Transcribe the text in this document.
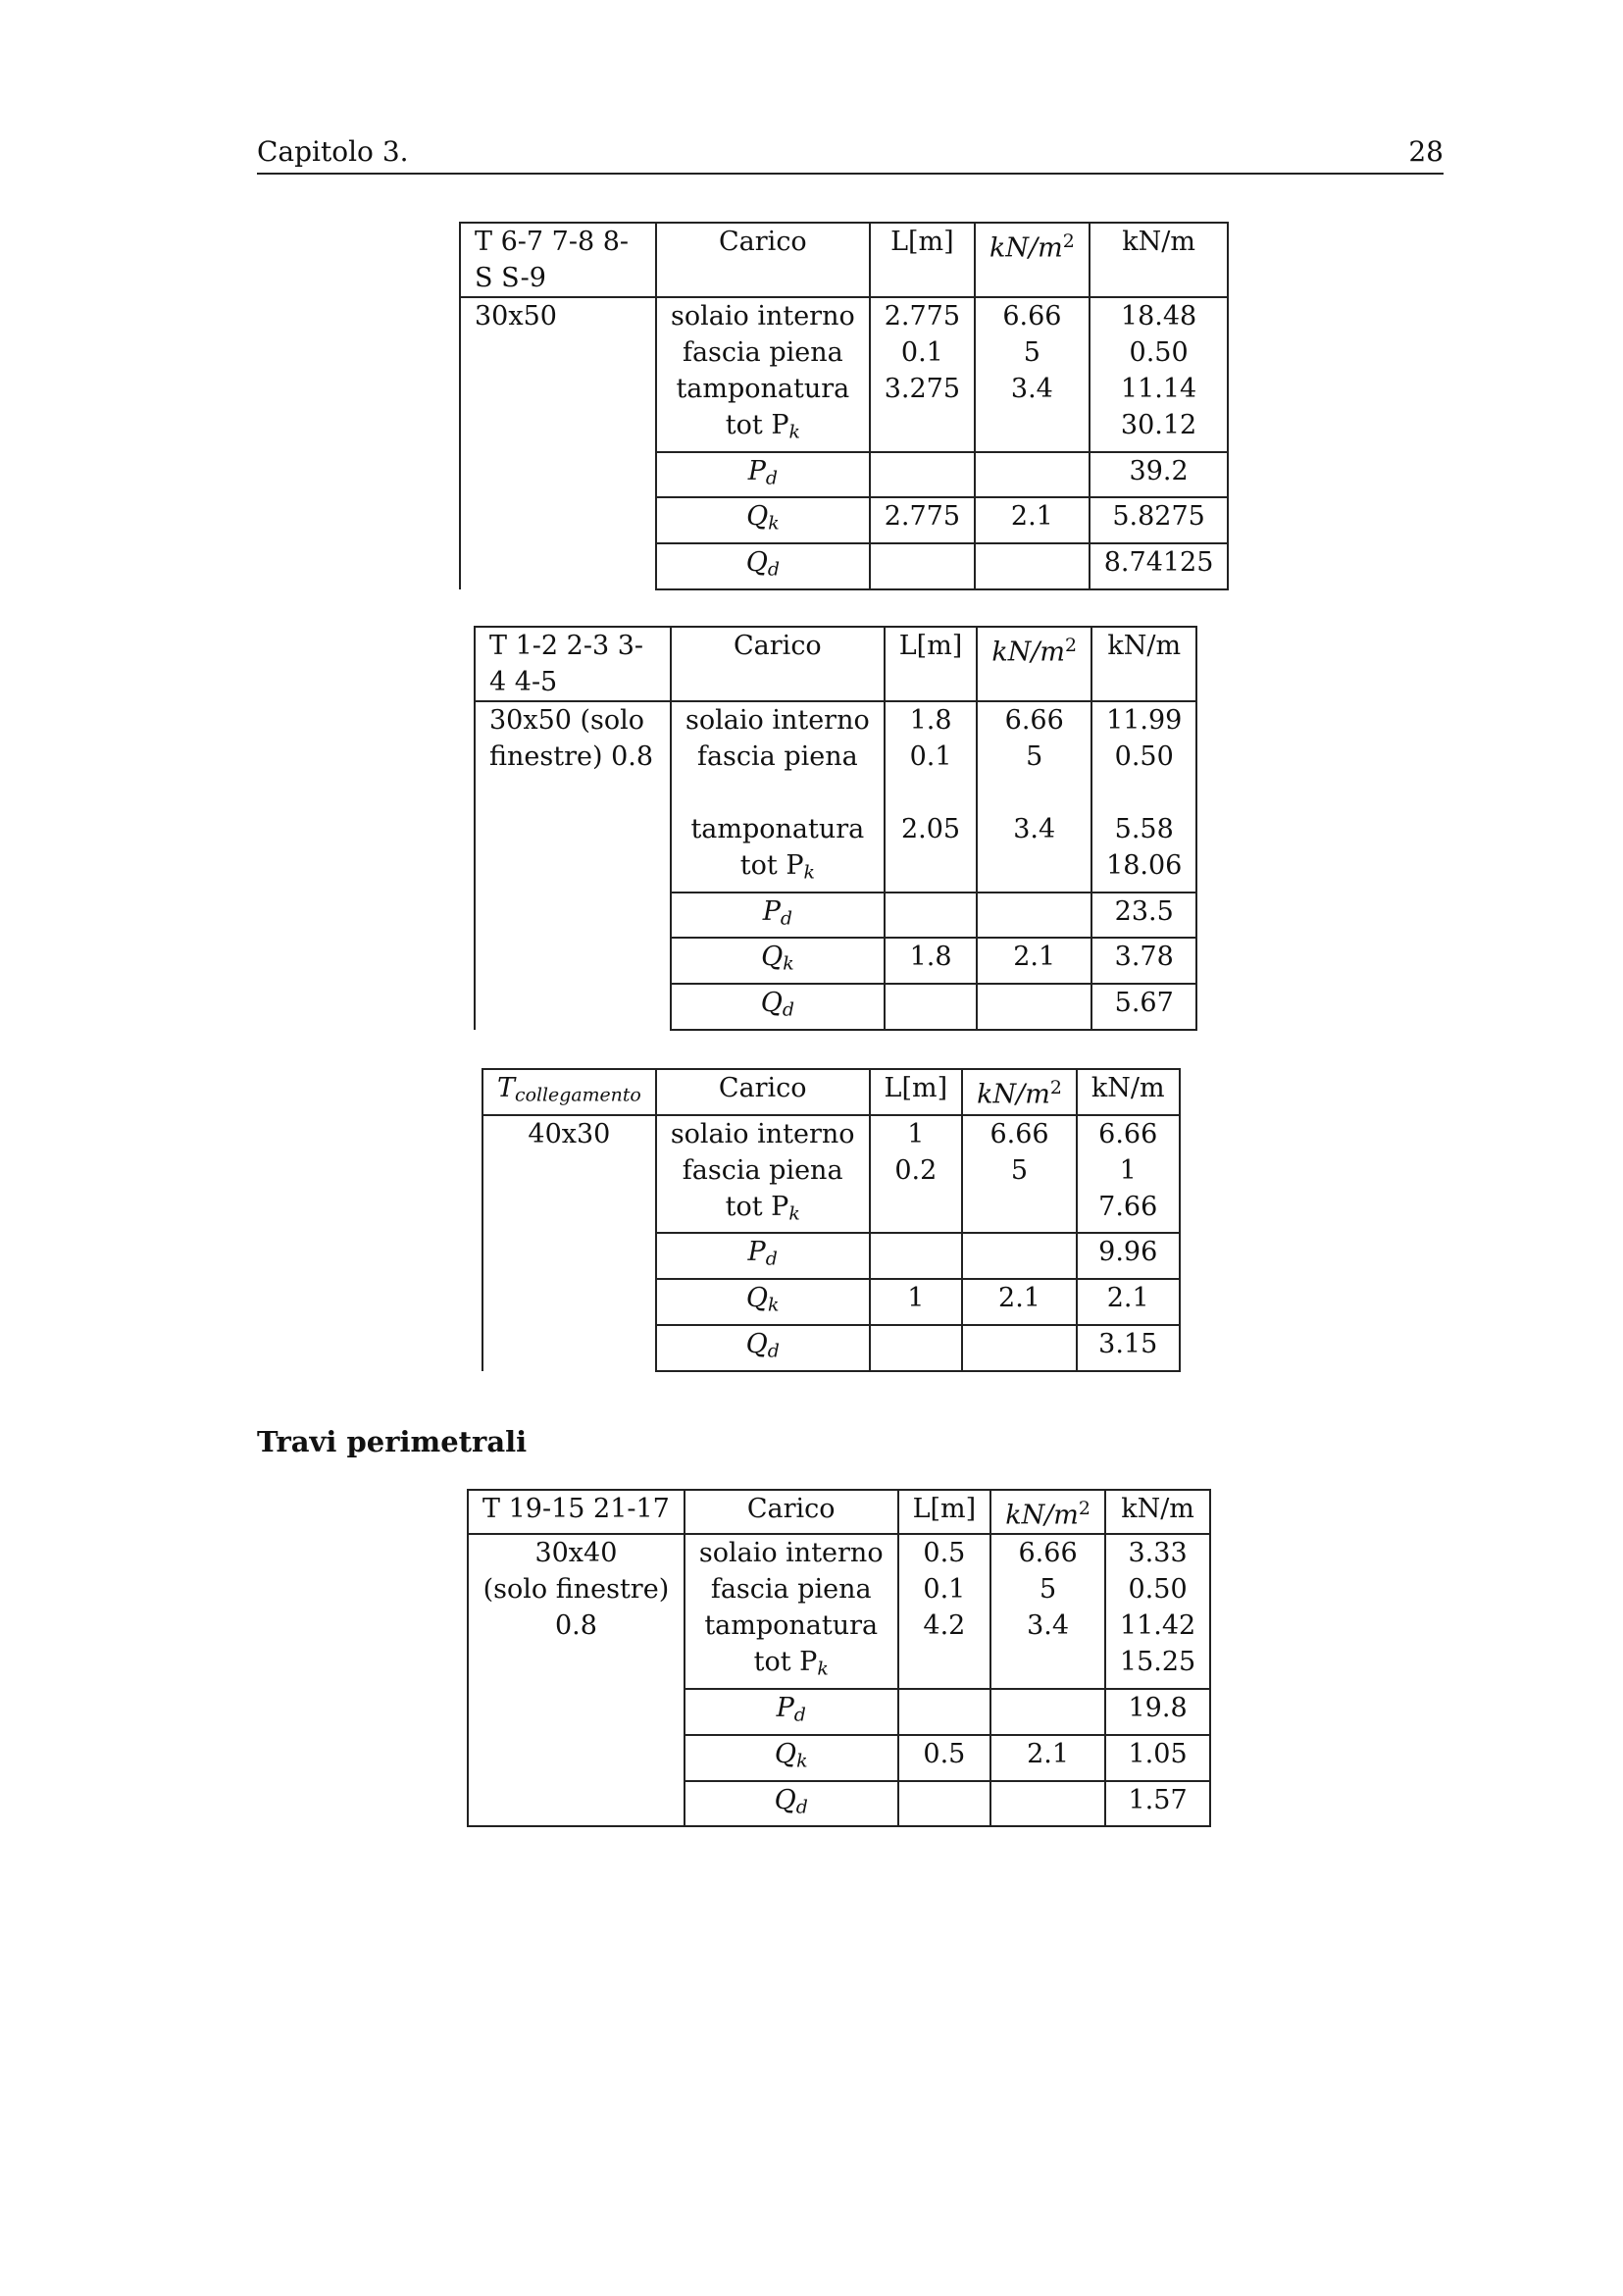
Capitolo 3.	28
T 6-7 7-8 8-S S-9	Carico	L[m]	$kN/m^2$	kN/m
30x50	solaio interno	2.775	6.66	18.48
	fascia piena	0.1	5	0.50
	tamponatura	3.275	3.4	11.14
	tot $P_k$			30.12
	$P_d$			39.2
	$Q_k$	2.775	2.1	5.8275
	$Q_d$			8.74125
T 1-2 2-3 3-4 4-5	Carico	L[m]	$kN/m^2$	kN/m
30x50 (solo finestre) 0.8	solaio interno	1.8	6.66	11.99
	fascia piena	0.1	5	0.50

	tamponatura	2.05	3.4	5.58
	tot $P_k$			18.06
	$P_d$			23.5
	$Q_k$	1.8	2.1	3.78
	$Q_d$			5.67
$T_{collegamento}$	Carico	L[m]	$kN/m^2$	kN/m
40x30	solaio interno	1	6.66	6.66
	fascia piena	0.2	5	1
	tot $P_k$			7.66
	$P_d$			9.96
	$Q_k$	1	2.1	2.1
	$Q_d$			3.15
Travi perimetrali
T 19-15 21-17	Carico	L[m]	$kN/m^2$	kN/m
30x40	solaio interno	0.5	6.66	3.33
(solo finestre)	fascia piena	0.1	5	0.50
0.8	tamponatura	4.2	3.4	11.42
	tot $P_k$			15.25
	$P_d$			19.8
	$Q_k$	0.5	2.1	1.05
	$Q_d$			1.57
